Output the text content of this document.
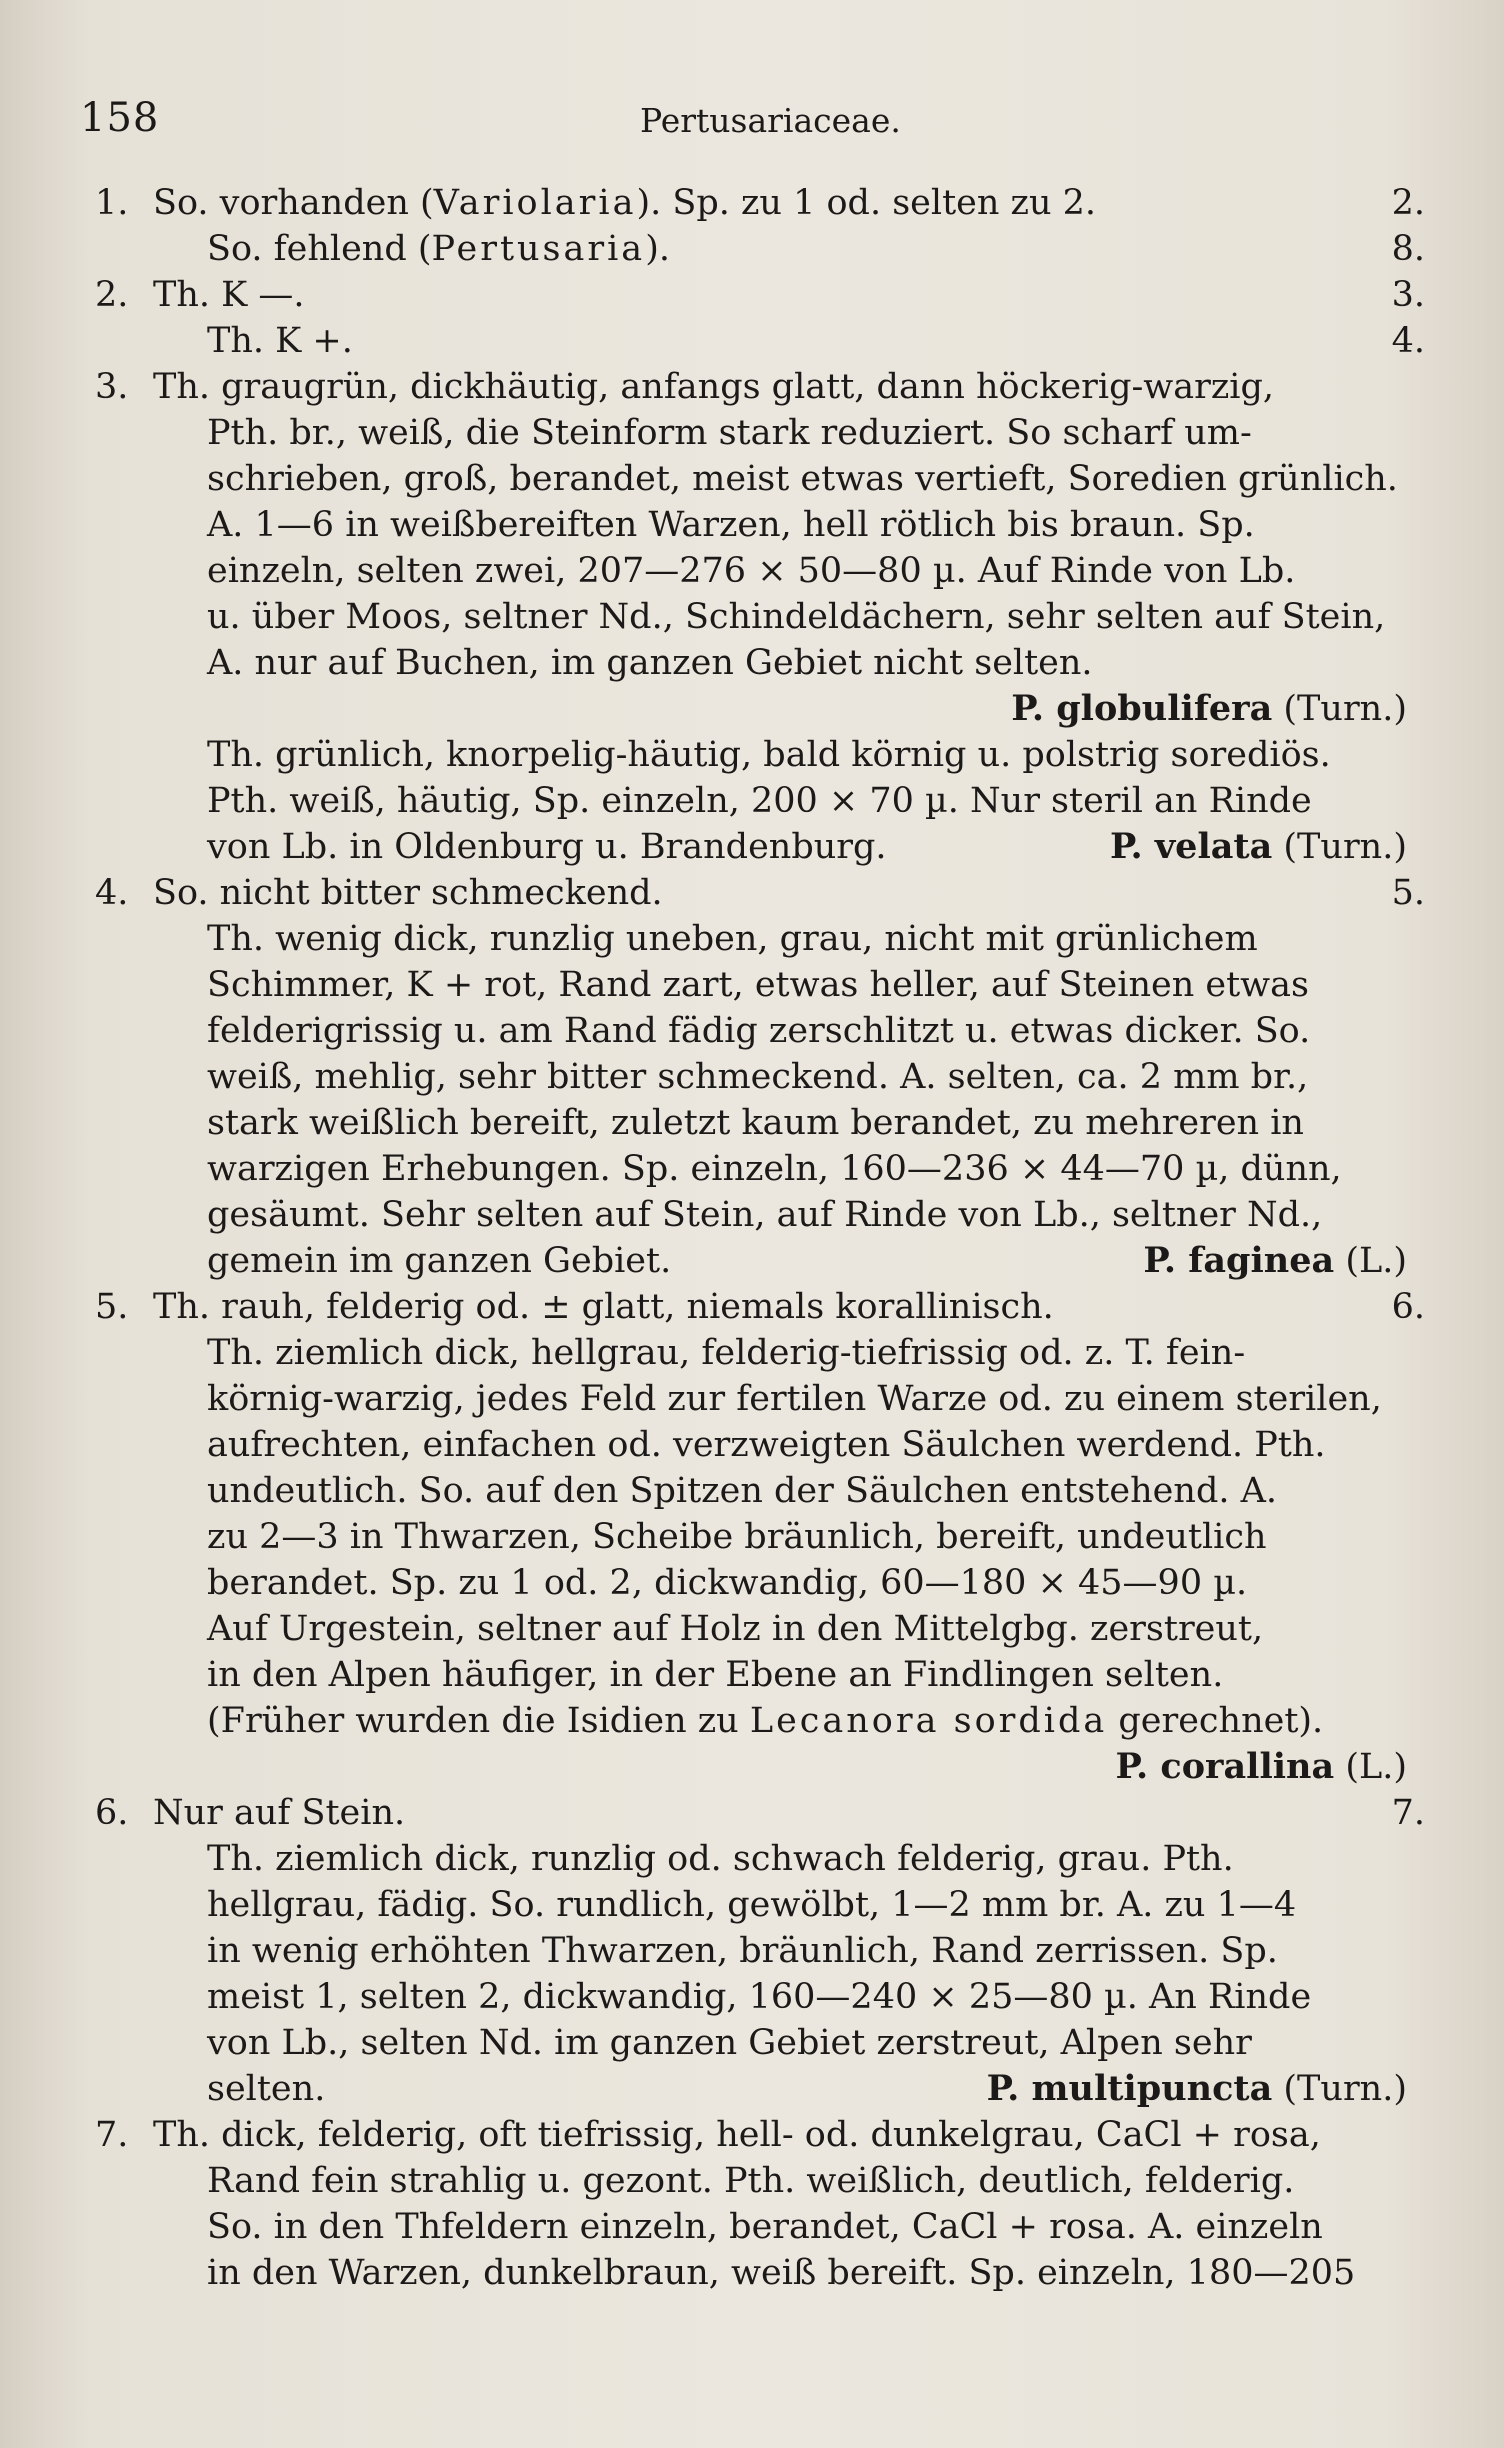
158	Pertusariaceae.
1. So. vorhanden (Variolaria). Sp. zu 1 od. selten zu 2.	2.
So. fehlend (Pertusaria).	8.
2. Th. K —.	3.
Th. K +.	4.
3. Th. graugrün, dickhäutig, anfangs glatt, dann höckerig-warzig,
Pth. br., weiß, die Steinform stark reduziert. So scharf um-
schrieben, groß, berandet, meist etwas vertieft, Soredien grünlich.
A. 1—6 in weißbereiften Warzen, hell rötlich bis braun. Sp.
einzeln, selten zwei, 207—276 × 50—80 µ. Auf Rinde von Lb.
u. über Moos, seltner Nd., Schindeldächern, sehr selten auf Stein,
A. nur auf Buchen, im ganzen Gebiet nicht selten.
P. globulifera (Turn.)
Th. grünlich, knorpelig-häutig, bald körnig u. polstrig sorediös.
Pth. weiß, häutig, Sp. einzeln, 200 × 70 µ. Nur steril an Rinde
von Lb. in Oldenburg u. Brandenburg.	P. velata (Turn.)
4. So. nicht bitter schmeckend.	5.
Th. wenig dick, runzlig uneben, grau, nicht mit grünlichem
Schimmer, K + rot, Rand zart, etwas heller, auf Steinen etwas
felderigrissig u. am Rand fädig zerschlitzt u. etwas dicker. So.
weiß, mehlig, sehr bitter schmeckend. A. selten, ca. 2 mm br.,
stark weißlich bereift, zuletzt kaum berandet, zu mehreren in
warzigen Erhebungen. Sp. einzeln, 160—236 × 44—70 µ, dünn,
gesäumt. Sehr selten auf Stein, auf Rinde von Lb., seltner Nd.,
gemein im ganzen Gebiet.	P. faginea (L.)
5. Th. rauh, felderig od. ± glatt, niemals korallinisch.	6.
Th. ziemlich dick, hellgrau, felderig-tiefrissig od. z. T. fein-
körnig-warzig, jedes Feld zur fertilen Warze od. zu einem sterilen,
aufrechten, einfachen od. verzweigten Säulchen werdend. Pth.
undeutlich. So. auf den Spitzen der Säulchen entstehend. A.
zu 2—3 in Thwarzen, Scheibe bräunlich, bereift, undeutlich
berandet. Sp. zu 1 od. 2, dickwandig, 60—180 × 45—90 µ.
Auf Urgestein, seltner auf Holz in den Mittelgbg. zerstreut,
in den Alpen häufiger, in der Ebene an Findlingen selten.
(Früher wurden die Isidien zu Lecanora sordida gerechnet).
P. corallina (L.)
6. Nur auf Stein.	7.
Th. ziemlich dick, runzlig od. schwach felderig, grau. Pth.
hellgrau, fädig. So. rundlich, gewölbt, 1—2 mm br. A. zu 1—4
in wenig erhöhten Thwarzen, bräunlich, Rand zerrissen. Sp.
meist 1, selten 2, dickwandig, 160—240 × 25—80 µ. An Rinde
von Lb., selten Nd. im ganzen Gebiet zerstreut, Alpen sehr
selten.	P. multipuncta (Turn.)
7. Th. dick, felderig, oft tiefrissig, hell- od. dunkelgrau, CaCl + rosa,
Rand fein strahlig u. gezont. Pth. weißlich, deutlich, felderig.
So. in den Thfeldern einzeln, berandet, CaCl + rosa. A. einzeln
in den Warzen, dunkelbraun, weiß bereift. Sp. einzeln, 180—205
